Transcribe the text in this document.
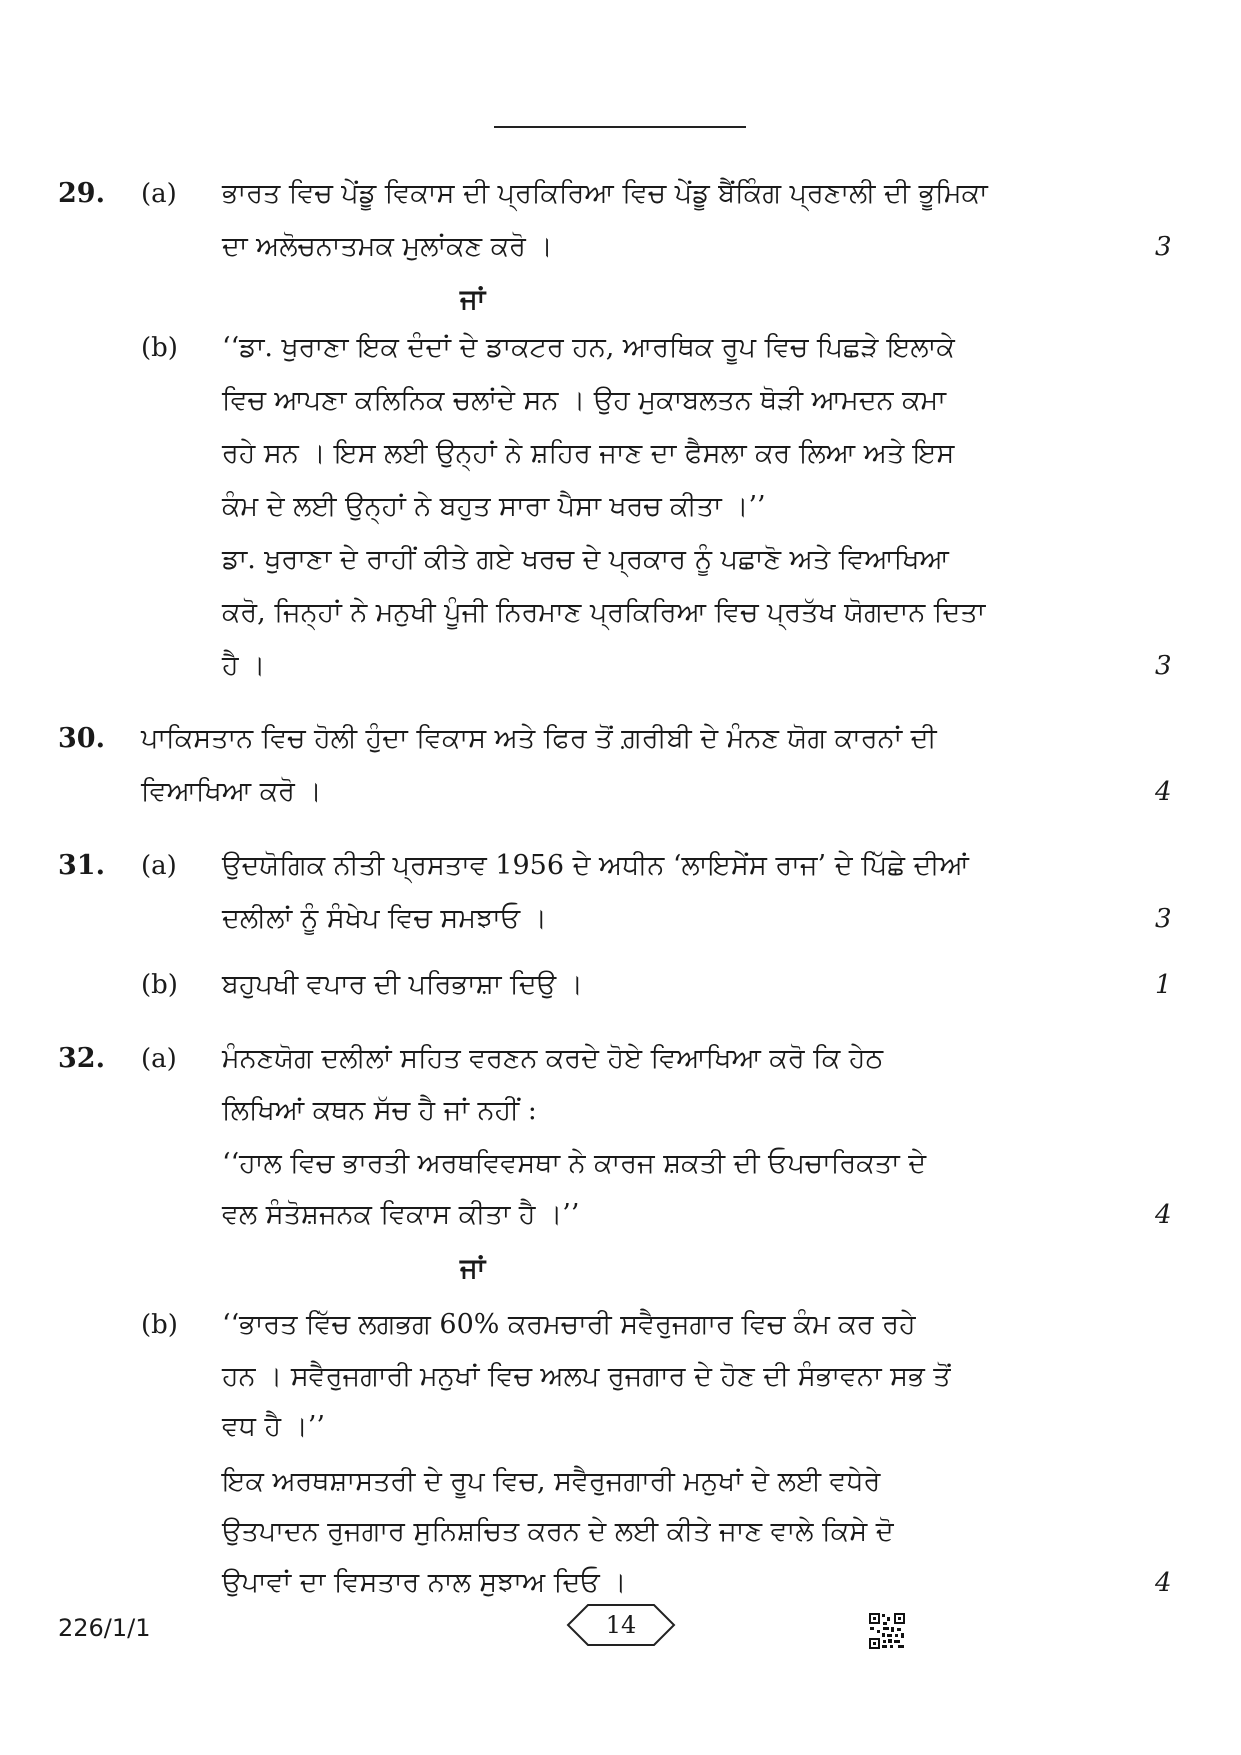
29. (a) ਭਾਰਤ ਵਿਚ ਪੇਂਡੂ ਵਿਕਾਸ ਦੀ ਪ੍ਰਕਿਰਿਆ ਵਿਚ ਪੇਂਡੂ ਬੈਂਕਿੰਗ ਪ੍ਰਣਾਲੀ ਦੀ ਭੂਮਿਕਾ
ਦਾ ਅਲੋਚਨਾਤਮਕ ਮੁਲਾਂਕਣ ਕਰੋ ।	3
ਜਾਂ
(b) ‘‘ਡਾ. ਖੁਰਾਣਾ ਇਕ ਦੰਦਾਂ ਦੇ ਡਾਕਟਰ ਹਨ, ਆਰਥਿਕ ਰੂਪ ਵਿਚ ਪਿਛੜੇ ਇਲਾਕੇ
ਵਿਚ ਆਪਣਾ ਕਲਿਨਿਕ ਚਲਾਂਦੇ ਸਨ । ਉਹ ਮੁਕਾਬਲਤਨ ਥੋੜੀ ਆਮਦਨ ਕਮਾ
ਰਹੇ ਸਨ । ਇਸ ਲਈ ਉਨ੍ਹਾਂ ਨੇ ਸ਼ਹਿਰ ਜਾਣ ਦਾ ਫੈਸਲਾ ਕਰ ਲਿਆ ਅਤੇ ਇਸ
ਕੰਮ ਦੇ ਲਈ ਉਨ੍ਹਾਂ ਨੇ ਬਹੁਤ ਸਾਰਾ ਪੈਸਾ ਖਰਚ ਕੀਤਾ ।’’
ਡਾ. ਖੁਰਾਣਾ ਦੇ ਰਾਹੀਂ ਕੀਤੇ ਗਏ ਖਰਚ ਦੇ ਪ੍ਰਕਾਰ ਨੂੰ ਪਛਾਣੋ ਅਤੇ ਵਿਆਖਿਆ
ਕਰੋ, ਜਿਨ੍ਹਾਂ ਨੇ ਮਨੁਖੀ ਪੂੰਜੀ ਨਿਰਮਾਣ ਪ੍ਰਕਿਰਿਆ ਵਿਚ ਪ੍ਰਤੱਖ ਯੋਗਦਾਨ ਦਿਤਾ
ਹੈ ।	3
30. ਪਾਕਿਸਤਾਨ ਵਿਚ ਹੋਲੀ ਹੁੰਦਾ ਵਿਕਾਸ ਅਤੇ ਫਿਰ ਤੋਂ ਗ਼ਰੀਬੀ ਦੇ ਮੰਨਣ ਯੋਗ ਕਾਰਨਾਂ ਦੀ
ਵਿਆਖਿਆ ਕਰੋ ।	4
31. (a) ਉਦਯੋਗਿਕ ਨੀਤੀ ਪ੍ਰਸਤਾਵ 1956 ਦੇ ਅਧੀਨ ‘ਲਾਇਸੇਂਸ ਰਾਜ’ ਦੇ ਪਿੱਛੇ ਦੀਆਂ
ਦਲੀਲਾਂ ਨੂੰ ਸੰਖੇਪ ਵਿਚ ਸਮਝਾਓ ।	3
(b) ਬਹੁਪਖੀ ਵਪਾਰ ਦੀ ਪਰਿਭਾਸ਼ਾ ਦਿਉ ।	1
32. (a) ਮੰਨਣਯੋਗ ਦਲੀਲਾਂ ਸਹਿਤ ਵਰਣਨ ਕਰਦੇ ਹੋਏ ਵਿਆਖਿਆ ਕਰੋ ਕਿ ਹੇਠ
ਲਿਖਿਆਂ ਕਥਨ ਸੱਚ ਹੈ ਜਾਂ ਨਹੀਂ :
‘‘ਹਾਲ ਵਿਚ ਭਾਰਤੀ ਅਰਥਵਿਵਸਥਾ ਨੇ ਕਾਰਜ ਸ਼ਕਤੀ ਦੀ ਓਪਚਾਰਿਕਤਾ ਦੇ
ਵਲ ਸੰਤੋਸ਼ਜਨਕ ਵਿਕਾਸ ਕੀਤਾ ਹੈ ।’’	4
ਜਾਂ
(b) ‘‘ਭਾਰਤ ਵਿੱਚ ਲਗਭਗ 60% ਕਰਮਚਾਰੀ ਸਵੈਰੁਜਗਾਰ ਵਿਚ ਕੰਮ ਕਰ ਰਹੇ
ਹਨ । ਸਵੈਰੁਜਗਾਰੀ ਮਨੁਖਾਂ ਵਿਚ ਅਲਪ ਰੁਜਗਾਰ ਦੇ ਹੋਣ ਦੀ ਸੰਭਾਵਨਾ ਸਭ ਤੋਂ
ਵਧ ਹੈ ।’’
ਇਕ ਅਰਥਸ਼ਾਸਤਰੀ ਦੇ ਰੂਪ ਵਿਚ, ਸਵੈਰੁਜਗਾਰੀ ਮਨੁਖਾਂ ਦੇ ਲਈ ਵਧੇਰੇ
ਉਤਪਾਦਨ ਰੁਜਗਾਰ ਸੁਨਿਸ਼ਚਿਤ ਕਰਨ ਦੇ ਲਈ ਕੀਤੇ ਜਾਣ ਵਾਲੇ ਕਿਸੇ ਦੋ
ਉਪਾਵਾਂ ਦਾ ਵਿਸਤਾਰ ਨਾਲ ਸੁਝਾਅ ਦਿਓ ।	4
226/1/1	14
